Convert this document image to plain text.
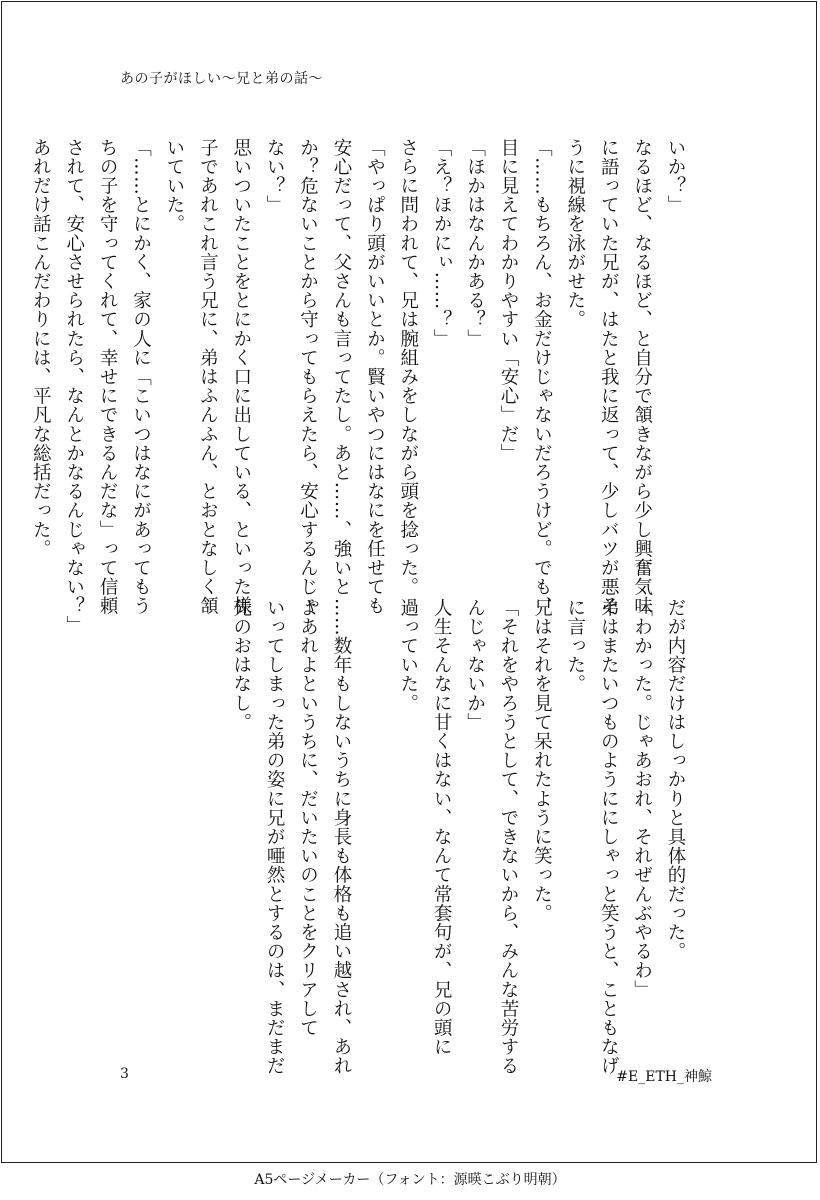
あの子がほしい〜兄と弟の話〜

いか？」

なるほど、なるほど、と自分で頷きながら少し興奮気味

に語っていた兄が、はたと我に返って、少しバツが悪そ

うに視線を泳がせた。

「……もちろん、お金だけじゃないだろうけど。でも、

目に見えてわかりやすい「安心」だ」

「ほかはなんかある？」

「え？ほかにぃ……？」

さらに問われて、兄は腕組みをしながら頭を捻った。

「やっぱり頭がいいとか。賢いやつにはなにを任せても

安心だって、父さんも言ってたし。あと……、強いと

か？危ないことから守ってもらえたら、安心するんじゃ

ない？」

思いついたことをとにかく口に出している、といった様

子であれこれ言う兄に、弟はふんふん、とおとなしく頷

いていた。

「……とにかく、家の人に「こいつはなにがあってもう

ちの子を守ってくれて、幸せにできるんだな」って信頼

されて、安心させられたら、なんとかなるんじゃない？」

あれだけ話こんだわりには、平凡な総括だった。

だが内容だけはしっかりと具体的だった。

「わかった。じゃあおれ、それぜんぶやるわ」

弟はまたいつものようににしゃっと笑うと、こともなげ

に言った。

兄はそれを見て呆れたように笑った。

「それをやろうとして、できないから、みんな苦労する

んじゃないか」

人生そんなに甘くはない、なんて常套句が、兄の頭に

過っていた。

……数年もしないうちに身長も体格も追い越され、あれ

よあれよというちに、だいたいのことをクリアして

いってしまった弟の姿に兄が唖然とするのは、まだまだ

先のおはなし。

3	#E_ETH_神鯨
A5ページメーカー（フォント：源暎こぶり明朝）
